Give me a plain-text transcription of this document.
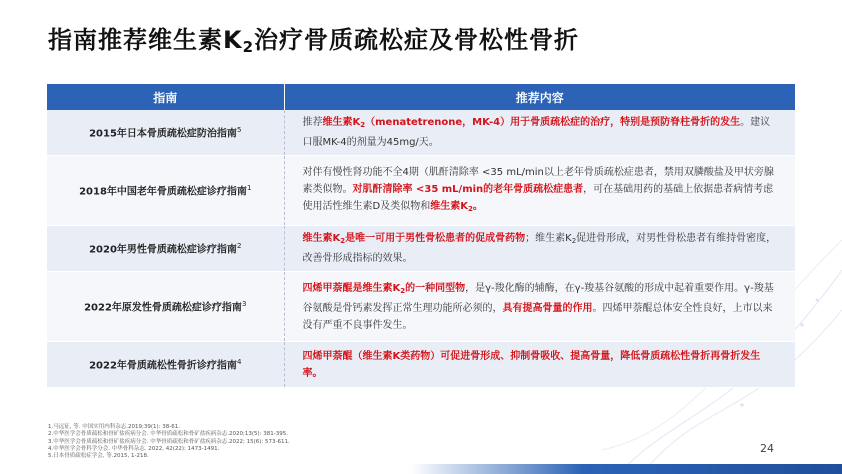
指南推荐维生素$K_2$治疗骨质疏松症及骨松性骨折
指南	推荐内容
2015年日本骨质疏松症防治指南$^5$	推荐维生素$K_2(menatetrenone$，MK-4）用于骨质疏松症的治疗，特别是预防脊柱骨折的发生。建议口服MK-4的剂量为45mg/天。
2018年中国老年骨质疏松症诊疗指南$^1$	对伴有慢性肾功能不全4期（肌酐清除率 <35 mL/min以上老年骨质疏松症患者，禁用双膦酸盐及甲状旁腺素类似物。对肌酐清除率 <35 mL/min的老年骨质疏松症患者，可在基础用药的基础上依据患者病情考虑使用活性维生素D及类似物和维生素$K_2$。
2020年男性骨质疏松症诊疗指南$^2$	维生素$K_2$是唯一可用于男性骨松患者的促成骨药物；维生素$K_2$促进骨形成，对男性骨松患者有维持骨密度，改善骨形成指标的效果。
2022年原发性骨质疏松症诊疗指南$^3$	四烯甲萘醌是维生素$K_2$的一种同型物，是γ-羧化酶的辅酶，在γ-羧基谷氨酸的形成中起着重要作用。γ-羧基谷氨酸是骨钙素发挥正常生理功能所必须的，具有提高骨量的作用。四烯甲萘醌总体安全性良好，上市以来没有严重不良事件发生。
2022年骨质疏松性骨折诊疗指南$^4$	四烯甲萘醌（维生素K类药物）可促进骨形成、抑制骨吸收、提高骨量，降低骨质疏松性骨折再骨折发生率。
1.马远征, 等. 中国实用内科杂志.2019;39(1): 38-61.
2.中华医学会骨质疏松和骨矿盐疾病分会. 中华骨质疏松和骨矿盐疾病杂志.2020;13(5): 381-395.
3.中华医学会骨质疏松和骨矿盐疾病分会. 中华骨质疏松和骨矿盐疾病杂志.2022; 15(6): 573-611.
4.中华医学会骨科学分会. 中华骨科杂志. 2022, 42(22): 1473-1491.
5.日本骨质疏松症学会, 等.2015, 1-218.
24
